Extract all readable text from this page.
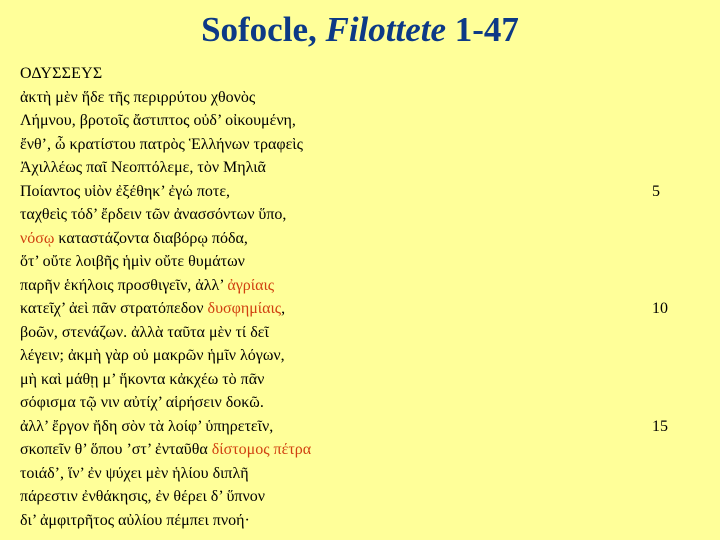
Sofocle, Filottete 1-47
ΟΔΥΣΣΕΥΣ
ἀκτὴ μὲν ἥδε τῆς περιρρύτου χθονὸς
Λήμνου, βροτοῖς ἄστιπτος οὐδ’ οἰκουμένη,
ἔνθ’, ὦ κρατίστου πατρὸς Ἑλλήνων τραφεὶς
Ἀχιλλέως παῖ Νεοπτόλεμε, τὸν Μηλιᾶ
Ποίαντος υἱὸν ἐξέθηκ’ ἐγώ ποτε,	5
ταχθεὶς τόδ’ ἔρδειν τῶν ἀνασσόντων ὕπο,
νόσῳ καταστάζοντα διαβόρῳ πόδα,
ὅτ’ οὔτε λοιβῆς ἡμὶν οὔτε θυμάτων
παρῆν ἑκήλοις προσθιγεῖν, ἀλλ’ ἀγρίαις
κατεῖχ’ ἀεὶ πᾶν στρατόπεδον δυσφημίαις,	10
βοῶν, στενάζων. ἀλλὰ ταῦτα μὲν τί δεῖ
λέγειν; ἀκμὴ γὰρ οὐ μακρῶν ἡμῖν λόγων,
μὴ καὶ μάθῃ μ’ ἥκοντα κἀκχέω τὸ πᾶν
σόφισμα τῷ νιν αὐτίχ’ αἱρήσειν δοκῶ.
ἀλλ’ ἔργον ἤδη σὸν τὰ λοίφ’ ὑπηρετεῖν,	15
σκοπεῖν θ’ ὅπου ’στ’ ἐνταῦθα δίστομος πέτρα
τοιάδ’, ἵν’ ἐν ψύχει μὲν ἡλίου διπλῆ
πάρεστιν ἐνθάκησις, ἐν θέρει δ’ ὕπνον
δι’ ἀμφιτρῆτος αὐλίου πέμπει πνοή·
